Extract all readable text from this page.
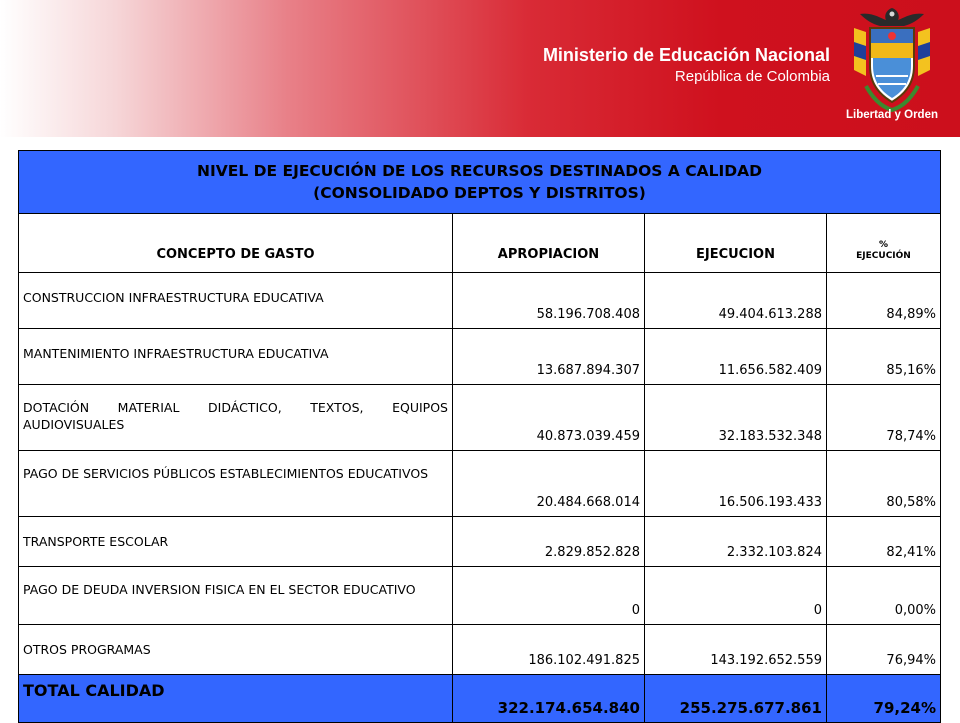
Ministerio de Educación Nacional
República de Colombia
Libertad y Orden
NIVEL DE EJECUCIÓN DE LOS RECURSOS DESTINADOS A CALIDAD
(CONSOLIDADO DEPTOS Y DISTRITOS)			

CONCEPTO DE GASTO	APROPIACION	EJECUCION	%
EJECUCIÓN

CONSTRUCCION INFRAESTRUCTURA EDUCATIVA	58.196.708.408	49.404.613.288	84,89%
MANTENIMIENTO INFRAESTRUCTURA EDUCATIVA	13.687.894.307	11.656.582.409	85,16%
DOTACIÓN MATERIAL DIDÁCTICO, TEXTOS, EQUIPOS AUDIOVISUALES	40.873.039.459	32.183.532.348	78,74%
PAGO DE SERVICIOS PÚBLICOS ESTABLECIMIENTOS EDUCATIVOS	20.484.668.014	16.506.193.433	80,58%
TRANSPORTE ESCOLAR	2.829.852.828	2.332.103.824	82,41%
PAGO DE DEUDA INVERSION FISICA EN EL SECTOR EDUCATIVO	0	0	0,00%
OTROS PROGRAMAS	186.102.491.825	143.192.652.559	76,94%
TOTAL CALIDAD	322.174.654.840	255.275.677.861	79,24%
